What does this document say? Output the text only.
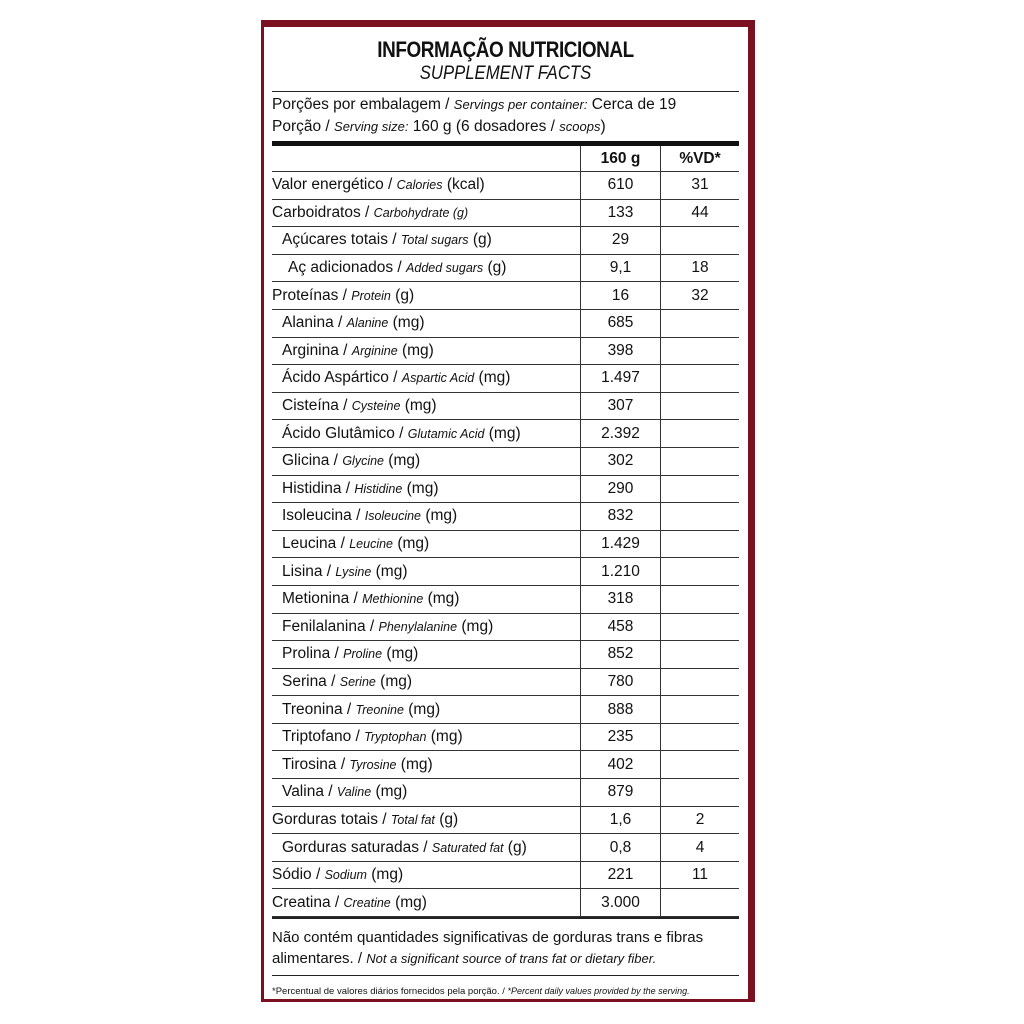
INFORMAÇÃO NUTRICIONAL
SUPPLEMENT FACTS
Porções por embalagem / Servings per container: Cerca de 19
Porção / Serving size: 160 g (6 dosadores / scoops)
	160 g	%VD*
Valor energético / Calories (kcal)	610	31
Carboidratos / Carbohydrate (g)	133	44
Açúcares totais / Total sugars (g)	29	
Aç adicionados / Added sugars (g)	9,1	18
Proteínas / Protein (g)	16	32
Alanina / Alanine (mg)	685	
Arginina / Arginine (mg)	398	
Ácido Aspártico / Aspartic Acid (mg)	1.497	
Cisteína / Cysteine (mg)	307	
Ácido Glutâmico / Glutamic Acid (mg)	2.392	
Glicina / Glycine (mg)	302	
Histidina / Histidine (mg)	290	
Isoleucina / Isoleucine (mg)	832	
Leucina / Leucine (mg)	1.429	
Lisina / Lysine (mg)	1.210	
Metionina / Methionine (mg)	318	
Fenilalanina / Phenylalanine (mg)	458	
Prolina / Proline (mg)	852	
Serina / Serine (mg)	780	
Treonina / Treonine (mg)	888	
Triptofano / Tryptophan (mg)	235	
Tirosina / Tyrosine (mg)	402	
Valina / Valine (mg)	879	
Gorduras totais / Total fat (g)	1,6	2
Gorduras saturadas / Saturated fat (g)	0,8	4
Sódio / Sodium (mg)	221	11
Creatina / Creatine (mg)	3.000	
Não contém quantidades significativas de gorduras trans e fibras alimentares. / Not a significant source of trans fat or dietary fiber.
*Percentual de valores diários fornecidos pela porção. / *Percent daily values provided by the serving.
